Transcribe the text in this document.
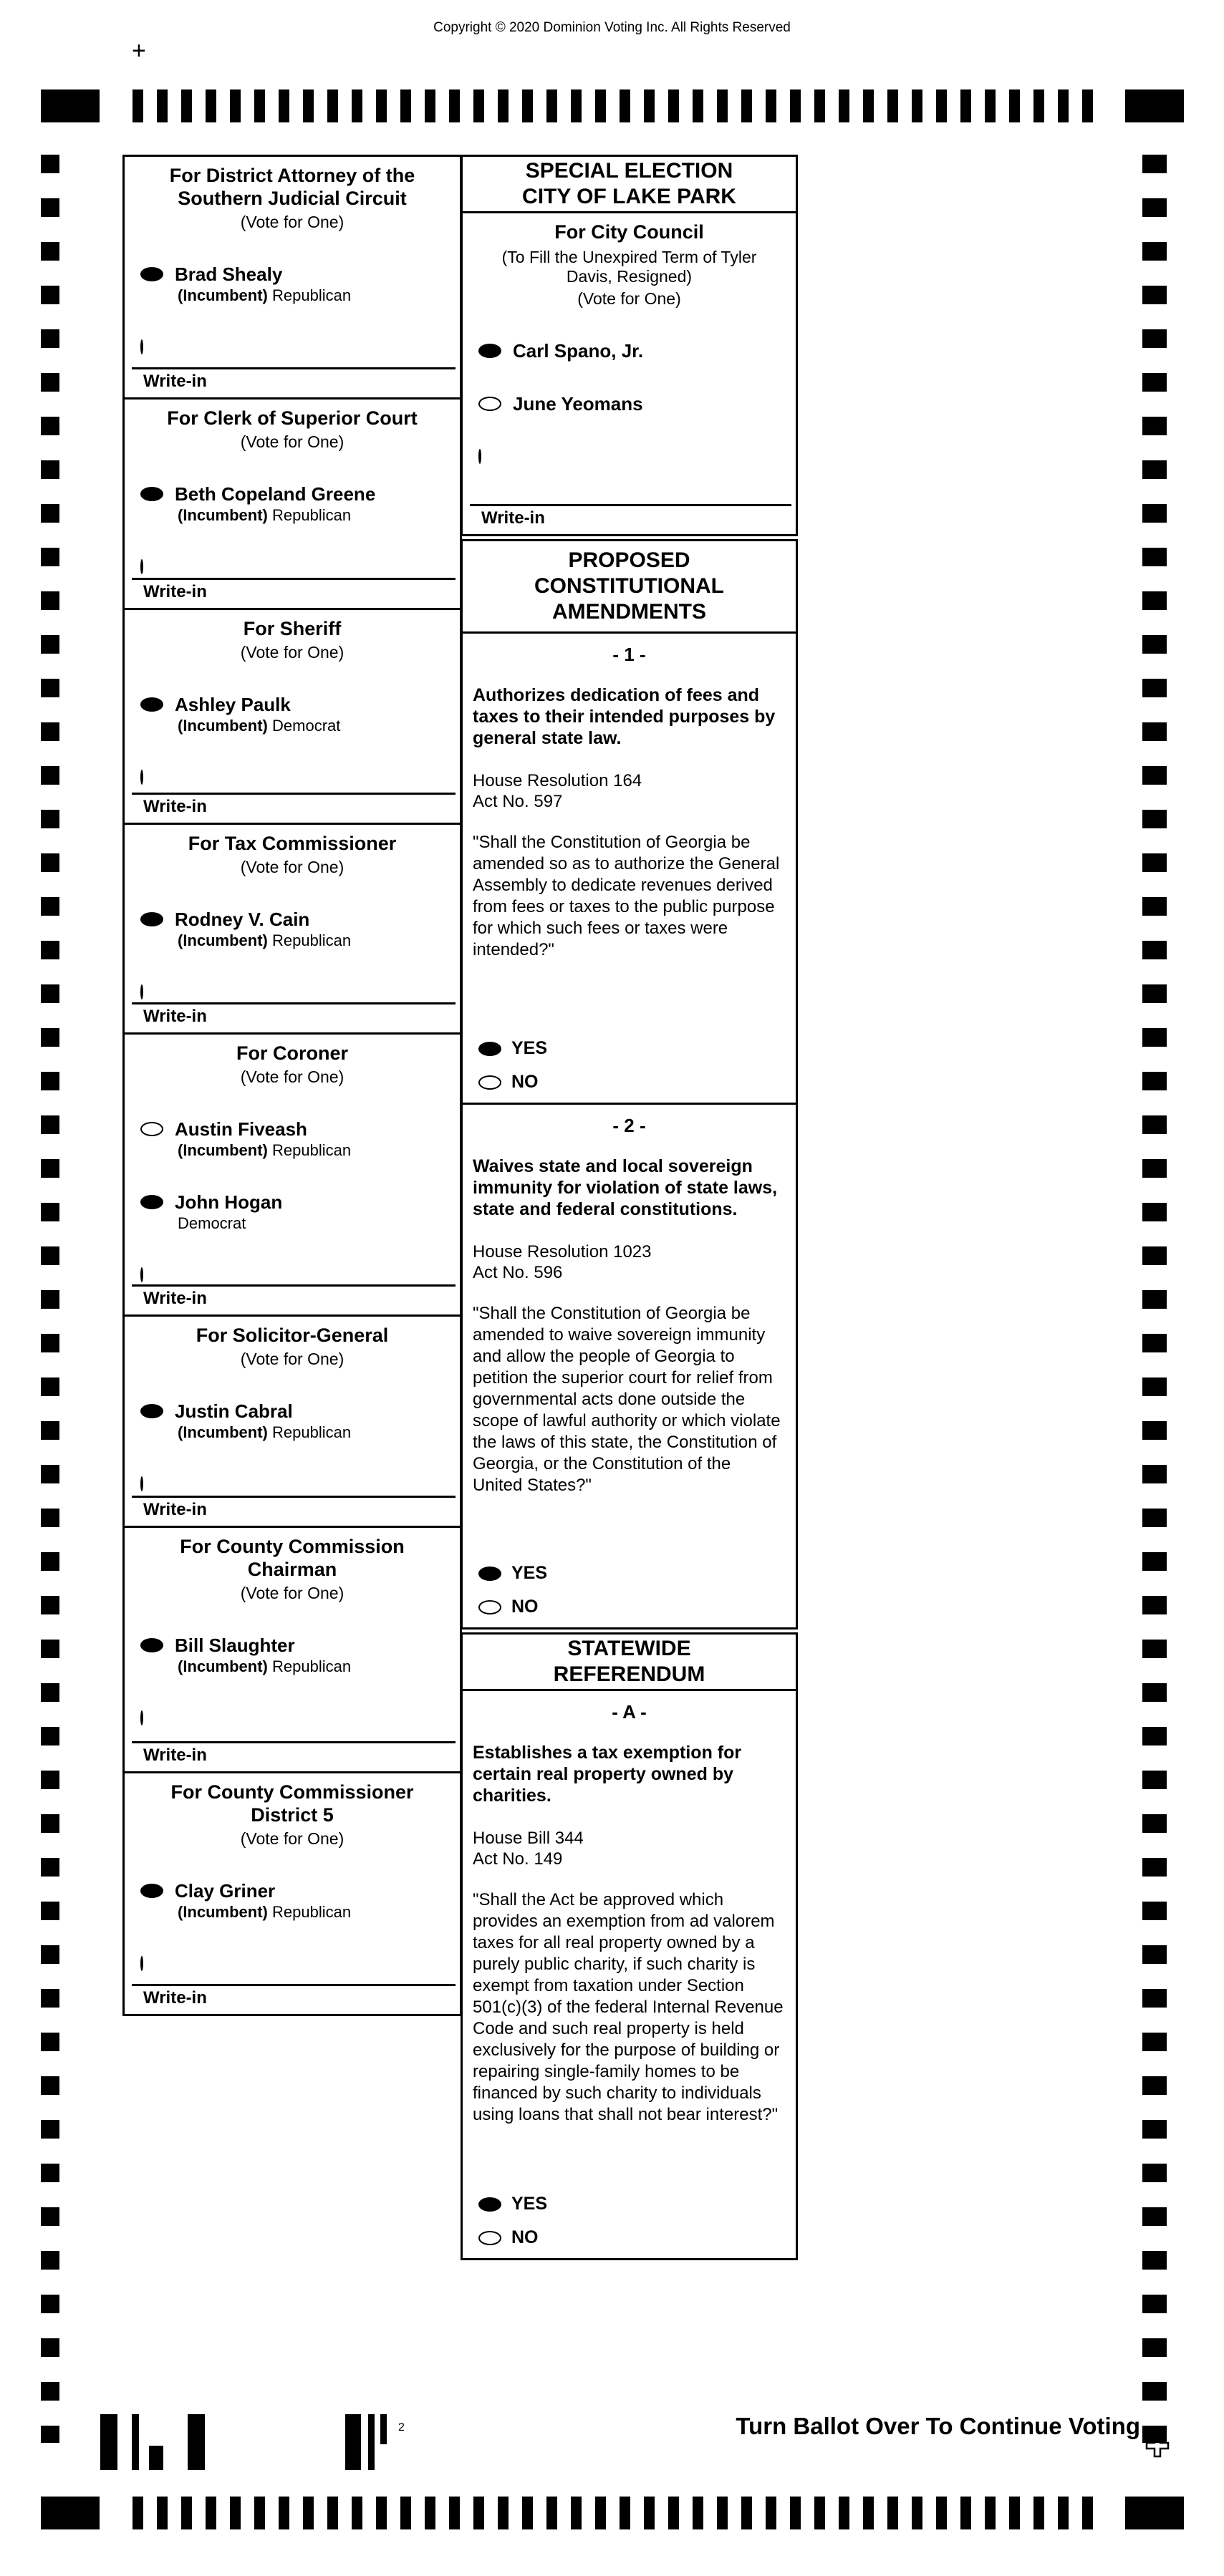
Copyright © 2020 Dominion Voting Inc. All Rights Reserved
+
For District Attorney of the
Southern Judicial Circuit
(Vote for One)
Brad Shealy
(Incumbent) Republican
Write-in
For Clerk of Superior Court
(Vote for One)
Beth Copeland Greene
(Incumbent) Republican
Write-in
For Sheriff
(Vote for One)
Ashley Paulk
(Incumbent) Democrat
Write-in
For Tax Commissioner
(Vote for One)
Rodney V. Cain
(Incumbent) Republican
Write-in
For Coroner
(Vote for One)
Austin Fiveash
(Incumbent) Republican
John Hogan
Democrat
Write-in
For Solicitor-General
(Vote for One)
Justin Cabral
(Incumbent) Republican
Write-in
For County Commission
Chairman
(Vote for One)
Bill Slaughter
(Incumbent) Republican
Write-in
For County Commissioner
District 5
(Vote for One)
Clay Griner
(Incumbent) Republican
Write-in
SPECIAL ELECTION
CITY OF LAKE PARK
For City Council
(To Fill the Unexpired Term of Tyler Davis, Resigned)
(Vote for One)
Carl Spano, Jr.
June Yeomans
Write-in
PROPOSED
CONSTITUTIONAL
AMENDMENTS
- 1 -
Authorizes dedication of fees and taxes to their intended purposes by general state law.
House Resolution 164
Act No. 597
"Shall the Constitution of Georgia be amended so as to authorize the General Assembly to dedicate revenues derived from fees or taxes to the public purpose for which such fees or taxes were intended?"
YES
NO
- 2 -
Waives state and local sovereign immunity for violation of state laws, state and federal constitutions.
House Resolution 1023
Act No. 596
"Shall the Constitution of Georgia be amended to waive sovereign immunity and allow the people of Georgia to petition the superior court for relief from governmental acts done outside the scope of lawful authority or which violate the laws of this state, the Constitution of Georgia, or the Constitution of the United States?"
YES
NO
STATEWIDE
REFERENDUM
- A -
Establishes a tax exemption for certain real property owned by charities.
House Bill 344
Act No. 149
"Shall the Act be approved which provides an exemption from ad valorem taxes for all real property owned by a purely public charity, if such charity is exempt from taxation under Section 501(c)(3) of the federal Internal Revenue Code and such real property is held exclusively for the purpose of building or repairing single-family homes to be financed by such charity to individuals using loans that shall not bear interest?"
YES
NO
2	Turn Ballot Over To Continue Voting
